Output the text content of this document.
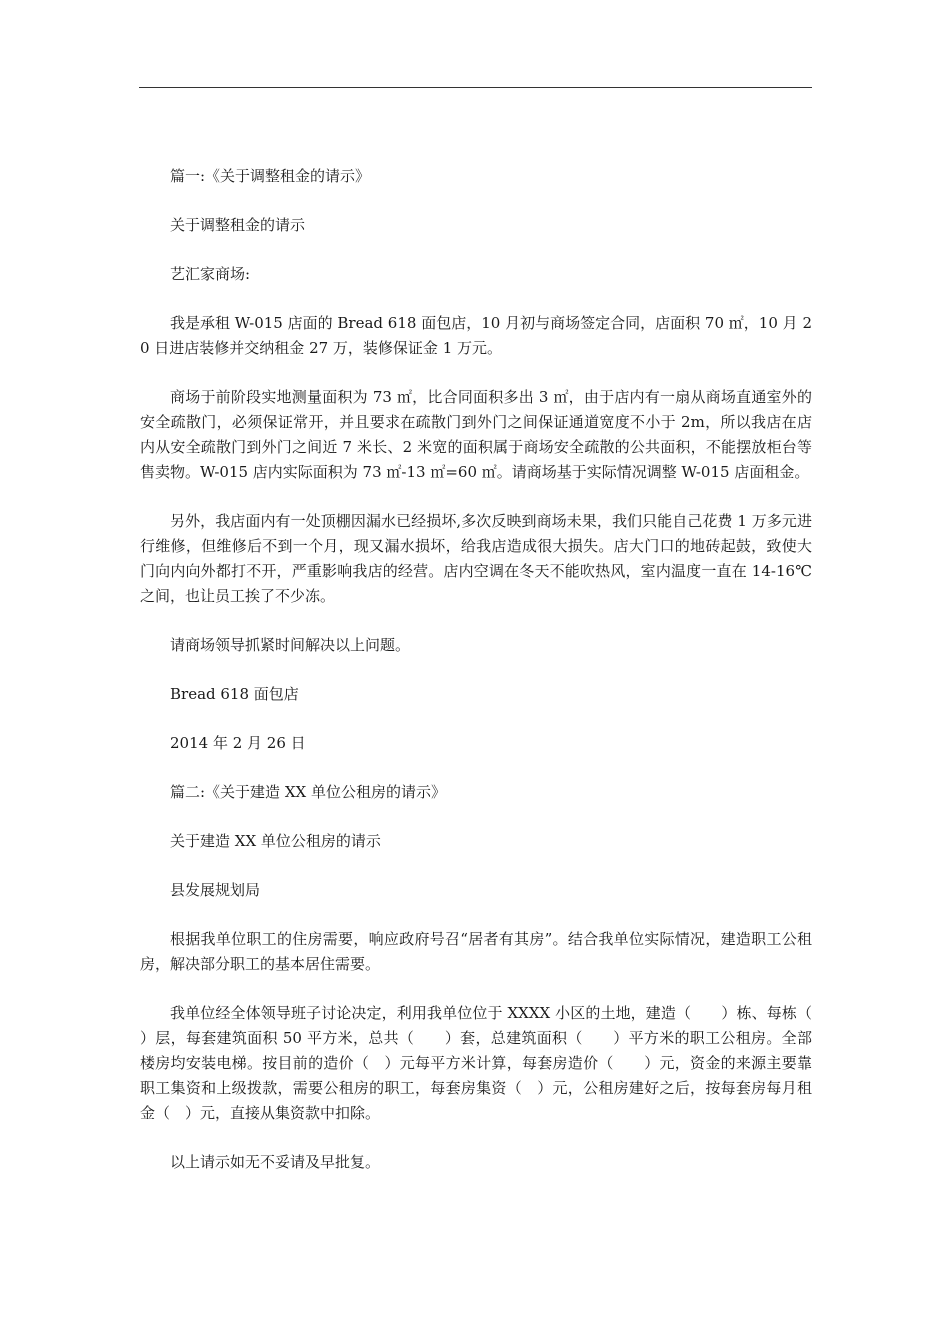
篇一:《关于调整租金的请示》

关于调整租金的请示

艺汇家商场:

我是承租 W-015 店面的 Bread 618 面包店，10 月初与商场签定合同，店面积 70 ㎡，10 月 20 日进店装修并交纳租金 27 万，装修保证金 1 万元。

商场于前阶段实地测量面积为 73 ㎡，比合同面积多出 3 ㎡，由于店内有一扇从商场直通室外的安全疏散门，必须保证常开，并且要求在疏散门到外门之间保证通道宽度不小于 2m，所以我店在店内从安全疏散门到外门之间近 7 米长、2 米宽的面积属于商场安全疏散的公共面积，不能摆放柜台等售卖物。W-015 店内实际面积为 73 ㎡-13 ㎡=60 ㎡。请商场基于实际情况调整 W-015 店面租金。

另外，我店面内有一处顶棚因漏水已经损坏,多次反映到商场未果，我们只能自己花费 1 万多元进行维修，但维修后不到一个月，现又漏水损坏，给我店造成很大损失。店大门口的地砖起鼓，致使大门向内向外都打不开，严重影响我店的经营。店内空调在冬天不能吹热风，室内温度一直在 14-16℃之间，也让员工挨了不少冻。

请商场领导抓紧时间解决以上问题。

Bread 618 面包店

2014 年 2 月 26 日

篇二:《关于建造 XX 单位公租房的请示》

关于建造 XX 单位公租房的请示

县发展规划局

根据我单位职工的住房需要，响应政府号召“居者有其房”。结合我单位实际情况，建造职工公租房，解决部分职工的基本居住需要。

我单位经全体领导班子讨论决定，利用我单位位于 XXXX 小区的土地，建造（　　）栋、每栋（　　）层，每套建筑面积 50 平方米，总共（　　）套，总建筑面积（　　）平方米的职工公租房。全部楼房均安装电梯。按目前的造价（　）元每平方米计算，每套房造价（　　）元，资金的来源主要靠职工集资和上级拨款，需要公租房的职工，每套房集资（　）元，公租房建好之后，按每套房每月租金（　）元，直接从集资款中扣除。

以上请示如无不妥请及早批复。
